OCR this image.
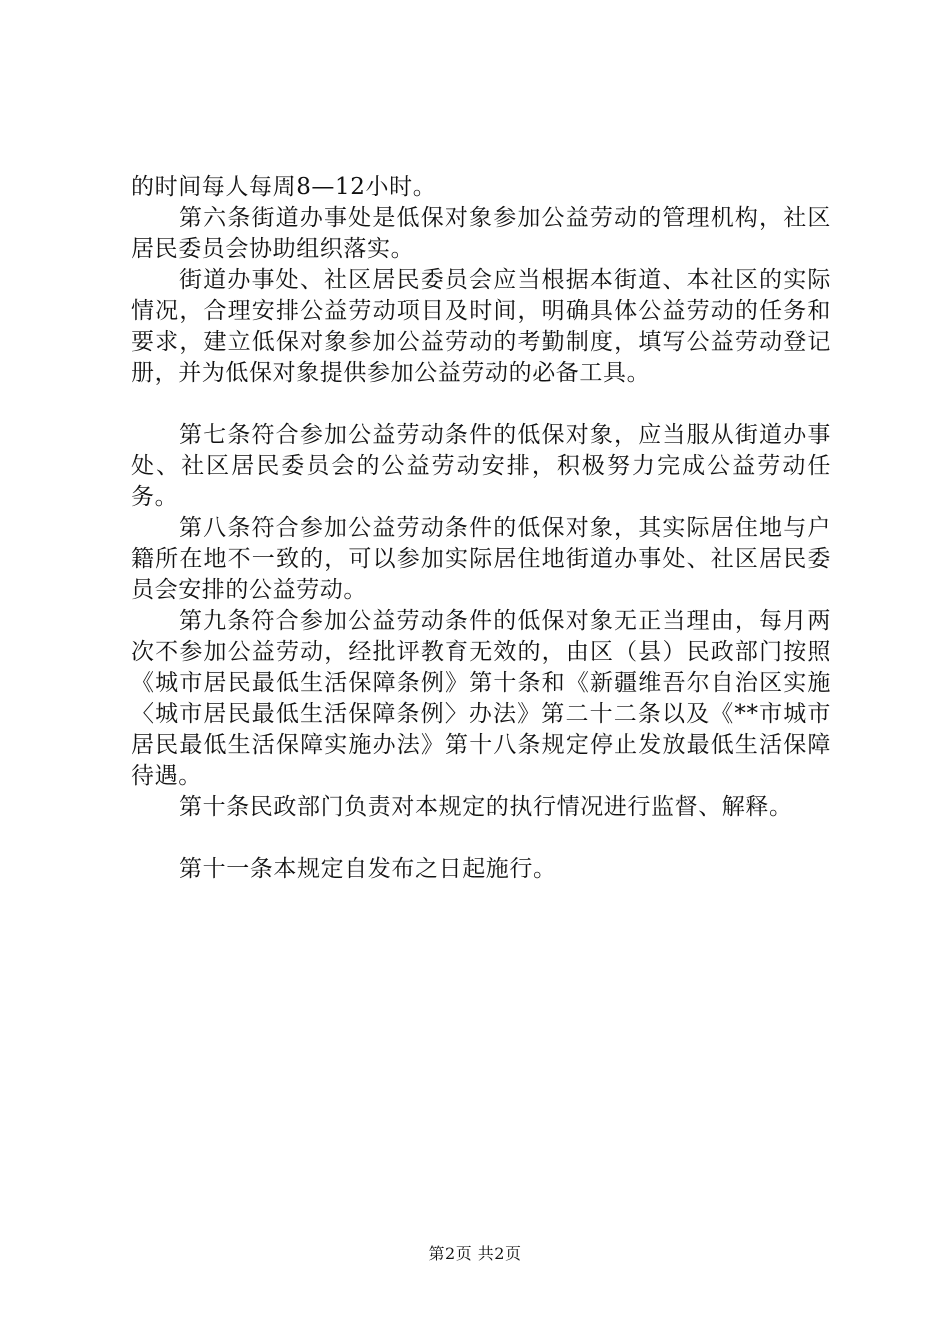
的时间每人每周8—12小时。

第六条街道办事处是低保对象参加公益劳动的管理机构，社区居民委员会协助组织落实。

街道办事处、社区居民委员会应当根据本街道、本社区的实际情况，合理安排公益劳动项目及时间，明确具体公益劳动的任务和要求，建立低保对象参加公益劳动的考勤制度，填写公益劳动登记册，并为低保对象提供参加公益劳动的必备工具。

第七条符合参加公益劳动条件的低保对象，应当服从街道办事处、社区居民委员会的公益劳动安排，积极努力完成公益劳动任务。

第八条符合参加公益劳动条件的低保对象，其实际居住地与户籍所在地不一致的，可以参加实际居住地街道办事处、社区居民委员会安排的公益劳动。

第九条符合参加公益劳动条件的低保对象无正当理由，每月两次不参加公益劳动，经批评教育无效的，由区（县）民政部门按照《城市居民最低生活保障条例》第十条和《新疆维吾尔自治区实施〈城市居民最低生活保障条例〉办法》第二十二条以及《**市城市居民最低生活保障实施办法》第十八条规定停止发放最低生活保障待遇。

第十条民政部门负责对本规定的执行情况进行监督、解释。

第十一条本规定自发布之日起施行。

第2页 共2页
